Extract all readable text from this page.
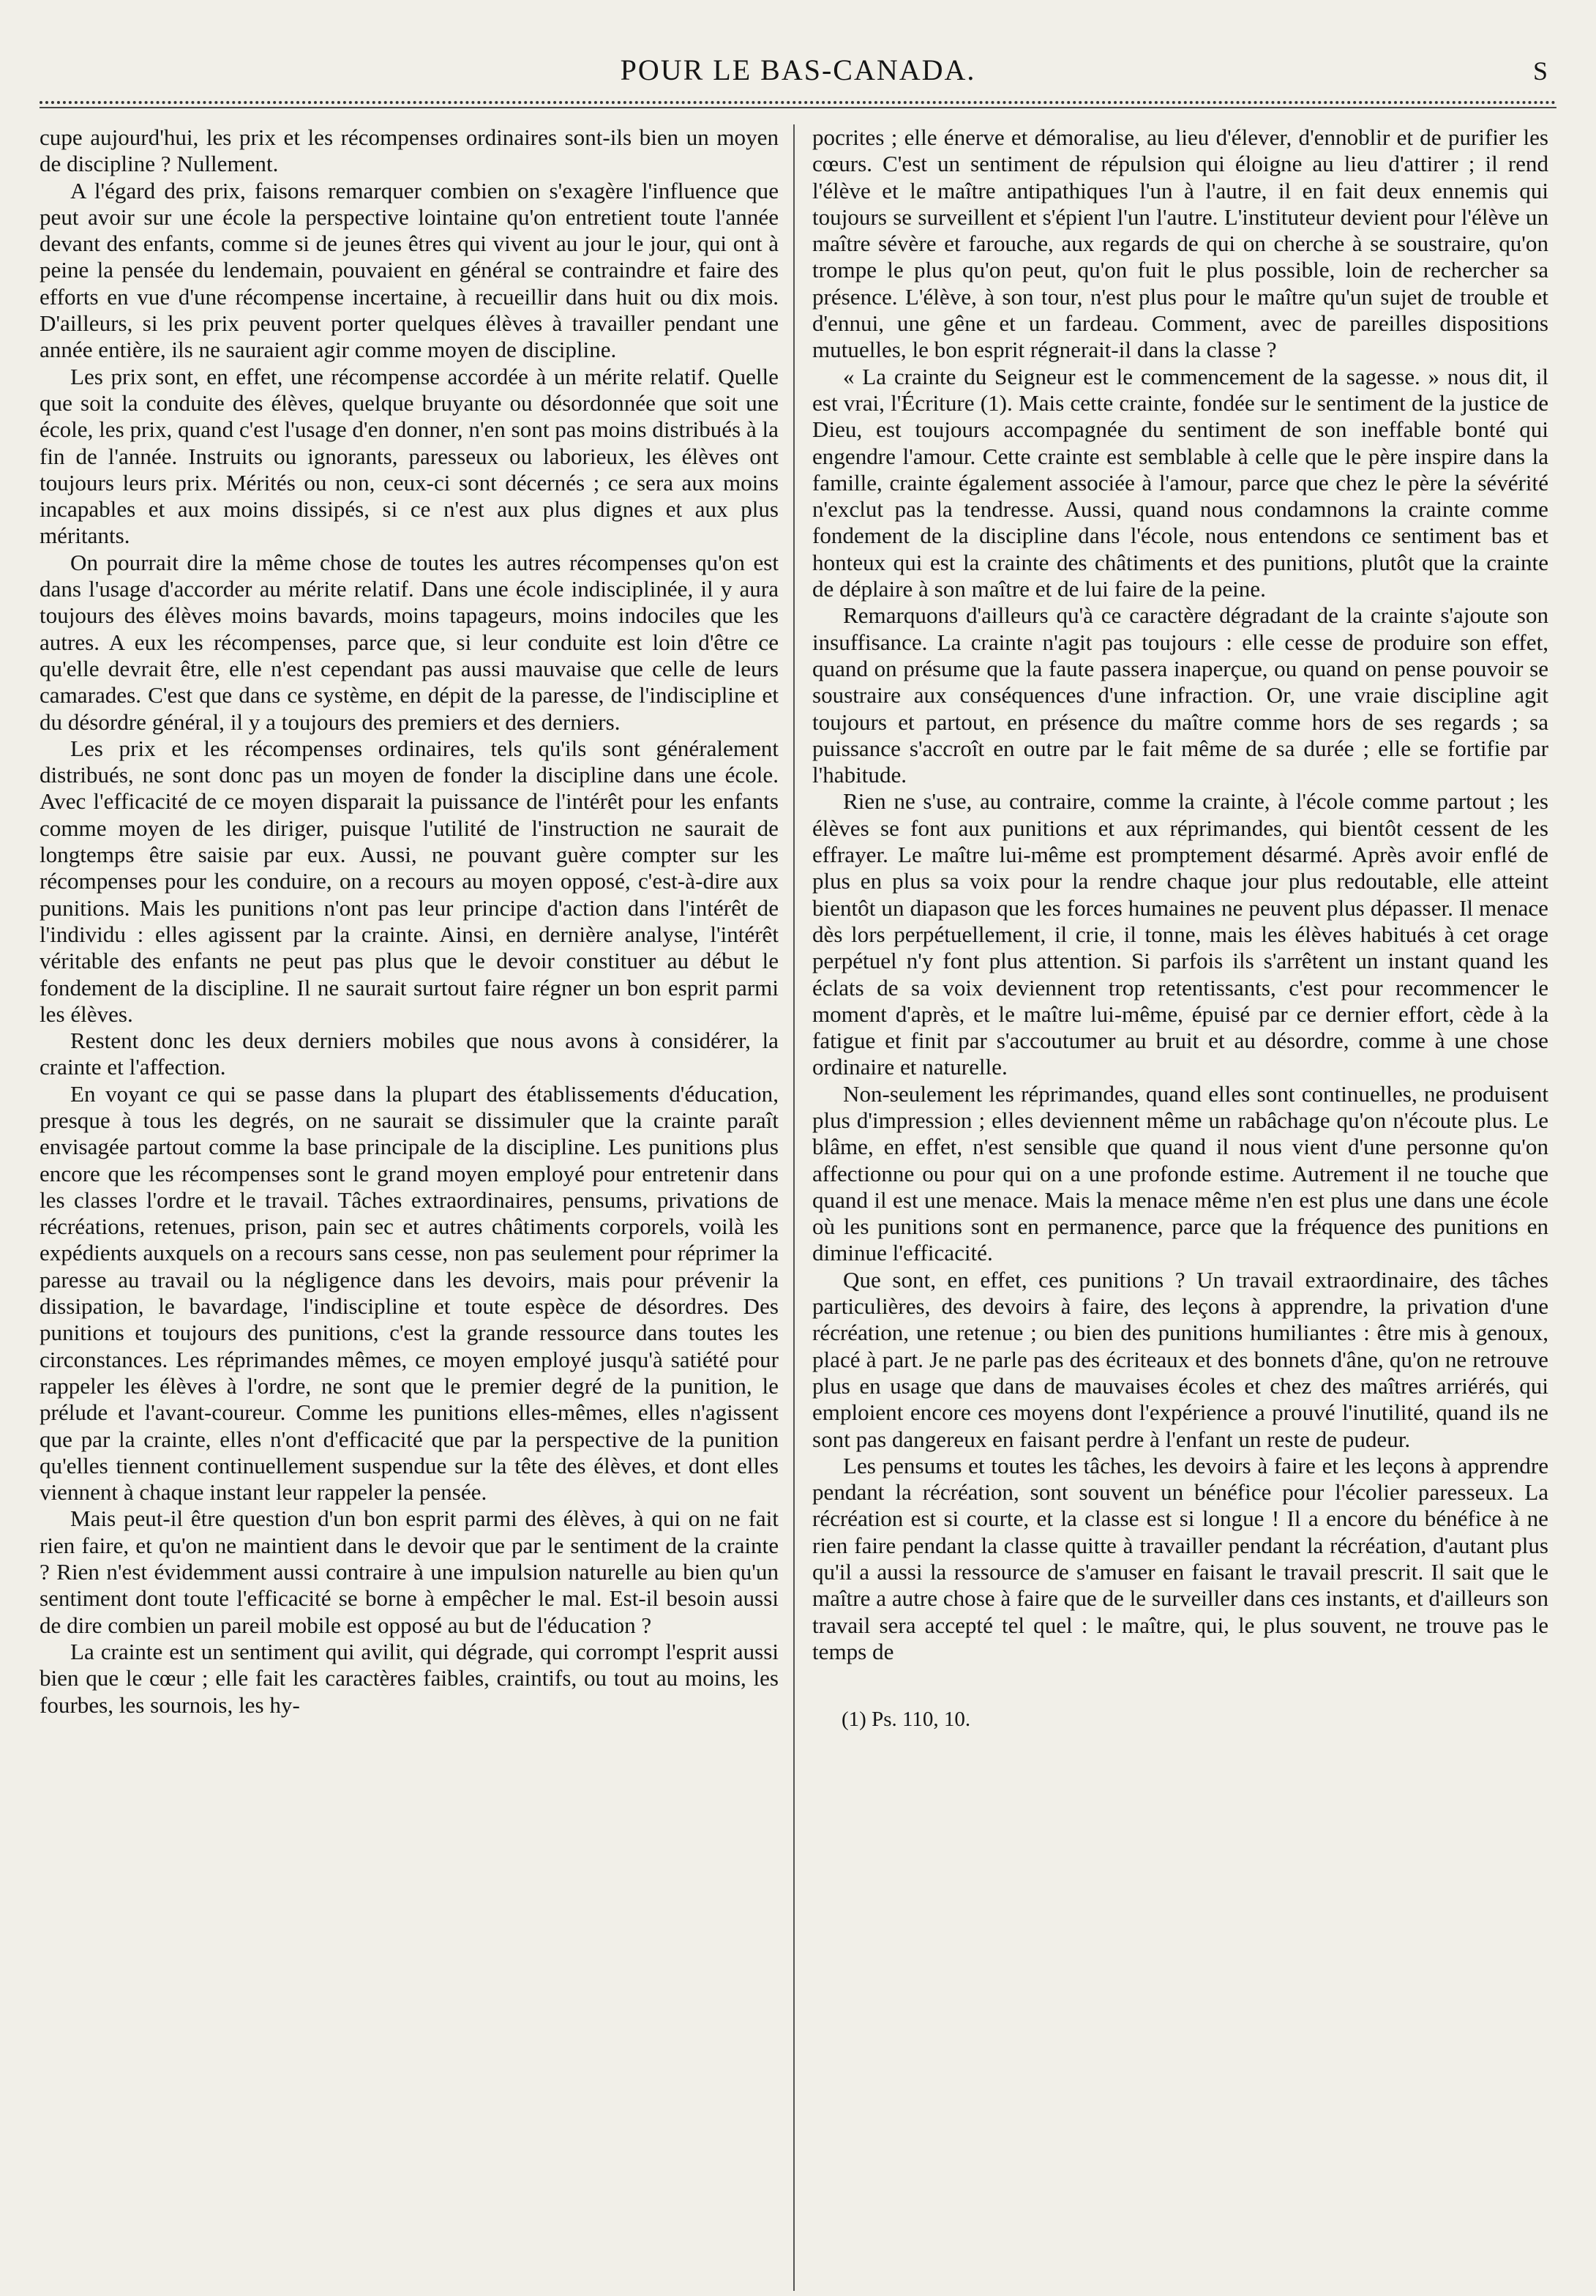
POUR LE BAS-CANADA.	S

cupe aujourd'hui, les prix et les récompenses ordinaires sont-ils bien un moyen de discipline ? Nullement.

A l'égard des prix, faisons remarquer combien on s'exagère l'influence que peut avoir sur une école la perspective lointaine qu'on entretient toute l'année devant des enfants, comme si de jeunes êtres qui vivent au jour le jour, qui ont à peine la pensée du lendemain, pouvaient en général se contraindre et faire des efforts en vue d'une récompense incertaine, à recueillir dans huit ou dix mois. D'ailleurs, si les prix peuvent porter quelques élèves à travailler pendant une année entière, ils ne sauraient agir comme moyen de discipline.

Les prix sont, en effet, une récompense accordée à un mérite relatif. Quelle que soit la conduite des élèves, quelque bruyante ou désordonnée que soit une école, les prix, quand c'est l'usage d'en donner, n'en sont pas moins distribués à la fin de l'année. Instruits ou ignorants, paresseux ou laborieux, les élèves ont toujours leurs prix. Mérités ou non, ceux-ci sont décernés ; ce sera aux moins incapables et aux moins dissipés, si ce n'est aux plus dignes et aux plus méritants.

On pourrait dire la même chose de toutes les autres récompenses qu'on est dans l'usage d'accorder au mérite relatif. Dans une école indisciplinée, il y aura toujours des élèves moins bavards, moins tapageurs, moins indociles que les autres. A eux les récompenses, parce que, si leur conduite est loin d'être ce qu'elle devrait être, elle n'est cependant pas aussi mauvaise que celle de leurs camarades. C'est que dans ce système, en dépit de la paresse, de l'indiscipline et du désordre général, il y a toujours des premiers et des derniers.

Les prix et les récompenses ordinaires, tels qu'ils sont généralement distribués, ne sont donc pas un moyen de fonder la discipline dans une école. Avec l'efficacité de ce moyen disparait la puissance de l'intérêt pour les enfants comme moyen de les diriger, puisque l'utilité de l'instruction ne saurait de longtemps être saisie par eux. Aussi, ne pouvant guère compter sur les récompenses pour les conduire, on a recours au moyen opposé, c'est-à-dire aux punitions. Mais les punitions n'ont pas leur principe d'action dans l'intérêt de l'individu : elles agissent par la crainte. Ainsi, en dernière analyse, l'intérêt véritable des enfants ne peut pas plus que le devoir constituer au début le fondement de la discipline. Il ne saurait surtout faire régner un bon esprit parmi les élèves.

Restent donc les deux derniers mobiles que nous avons à considérer, la crainte et l'affection.

En voyant ce qui se passe dans la plupart des établissements d'éducation, presque à tous les degrés, on ne saurait se dissimuler que la crainte paraît envisagée partout comme la base principale de la discipline. Les punitions plus encore que les récompenses sont le grand moyen employé pour entretenir dans les classes l'ordre et le travail. Tâches extraordinaires, pensums, privations de récréations, retenues, prison, pain sec et autres châtiments corporels, voilà les expédients auxquels on a recours sans cesse, non pas seulement pour réprimer la paresse au travail ou la négligence dans les devoirs, mais pour prévenir la dissipation, le bavardage, l'indiscipline et toute espèce de désordres. Des punitions et toujours des punitions, c'est la grande ressource dans toutes les circonstances. Les réprimandes mêmes, ce moyen employé jusqu'à satiété pour rappeler les élèves à l'ordre, ne sont que le premier degré de la punition, le prélude et l'avant-coureur. Comme les punitions elles-mêmes, elles n'agissent que par la crainte, elles n'ont d'efficacité que par la perspective de la punition qu'elles tiennent continuellement suspendue sur la tête des élèves, et dont elles viennent à chaque instant leur rappeler la pensée.

Mais peut-il être question d'un bon esprit parmi des élèves, à qui on ne fait rien faire, et qu'on ne maintient dans le devoir que par le sentiment de la crainte ? Rien n'est évidemment aussi contraire à une impulsion naturelle au bien qu'un sentiment dont toute l'efficacité se borne à empêcher le mal. Est-il besoin aussi de dire combien un pareil mobile est opposé au but de l'éducation ?

La crainte est un sentiment qui avilit, qui dégrade, qui corrompt l'esprit aussi bien que le cœur ; elle fait les caractères faibles, craintifs, ou tout au moins, les fourbes, les sournois, les hy-

pocrites ; elle énerve et démoralise, au lieu d'élever, d'ennoblir et de purifier les cœurs. C'est un sentiment de répulsion qui éloigne au lieu d'attirer ; il rend l'élève et le maître antipathiques l'un à l'autre, il en fait deux ennemis qui toujours se surveillent et s'épient l'un l'autre. L'instituteur devient pour l'élève un maître sévère et farouche, aux regards de qui on cherche à se soustraire, qu'on trompe le plus qu'on peut, qu'on fuit le plus possible, loin de rechercher sa présence. L'élève, à son tour, n'est plus pour le maître qu'un sujet de trouble et d'ennui, une gêne et un fardeau. Comment, avec de pareilles dispositions mutuelles, le bon esprit régnerait-il dans la classe ?

« La crainte du Seigneur est le commencement de la sagesse. » nous dit, il est vrai, l'Écriture (1). Mais cette crainte, fondée sur le sentiment de la justice de Dieu, est toujours accompagnée du sentiment de son ineffable bonté qui engendre l'amour. Cette crainte est semblable à celle que le père inspire dans la famille, crainte également associée à l'amour, parce que chez le père la sévérité n'exclut pas la tendresse. Aussi, quand nous condamnons la crainte comme fondement de la discipline dans l'école, nous entendons ce sentiment bas et honteux qui est la crainte des châtiments et des punitions, plutôt que la crainte de déplaire à son maître et de lui faire de la peine.

Remarquons d'ailleurs qu'à ce caractère dégradant de la crainte s'ajoute son insuffisance. La crainte n'agit pas toujours : elle cesse de produire son effet, quand on présume que la faute passera inaperçue, ou quand on pense pouvoir se soustraire aux conséquences d'une infraction. Or, une vraie discipline agit toujours et partout, en présence du maître comme hors de ses regards ; sa puissance s'accroît en outre par le fait même de sa durée ; elle se fortifie par l'habitude.

Rien ne s'use, au contraire, comme la crainte, à l'école comme partout ; les élèves se font aux punitions et aux réprimandes, qui bientôt cessent de les effrayer. Le maître lui-même est promptement désarmé. Après avoir enflé de plus en plus sa voix pour la rendre chaque jour plus redoutable, elle atteint bientôt un diapason que les forces humaines ne peuvent plus dépasser. Il menace dès lors perpétuellement, il crie, il tonne, mais les élèves habitués à cet orage perpétuel n'y font plus attention. Si parfois ils s'arrêtent un instant quand les éclats de sa voix deviennent trop retentissants, c'est pour recommencer le moment d'après, et le maître lui-même, épuisé par ce dernier effort, cède à la fatigue et finit par s'accoutumer au bruit et au désordre, comme à une chose ordinaire et naturelle.

Non-seulement les réprimandes, quand elles sont continuelles, ne produisent plus d'impression ; elles deviennent même un rabâchage qu'on n'écoute plus. Le blâme, en effet, n'est sensible que quand il nous vient d'une personne qu'on affectionne ou pour qui on a une profonde estime. Autrement il ne touche que quand il est une menace. Mais la menace même n'en est plus une dans une école où les punitions sont en permanence, parce que la fréquence des punitions en diminue l'efficacité.

Que sont, en effet, ces punitions ? Un travail extraordinaire, des tâches particulières, des devoirs à faire, des leçons à apprendre, la privation d'une récréation, une retenue ; ou bien des punitions humiliantes : être mis à genoux, placé à part. Je ne parle pas des écriteaux et des bonnets d'âne, qu'on ne retrouve plus en usage que dans de mauvaises écoles et chez des maîtres arriérés, qui emploient encore ces moyens dont l'expérience a prouvé l'inutilité, quand ils ne sont pas dangereux en faisant perdre à l'enfant un reste de pudeur.

Les pensums et toutes les tâches, les devoirs à faire et les leçons à apprendre pendant la récréation, sont souvent un bénéfice pour l'écolier paresseux. La récréation est si courte, et la classe est si longue ! Il a encore du bénéfice à ne rien faire pendant la classe quitte à travailler pendant la récréation, d'autant plus qu'il a aussi la ressource de s'amuser en faisant le travail prescrit. Il sait que le maître a autre chose à faire que de le surveiller dans ces instants, et d'ailleurs son travail sera accepté tel quel : le maître, qui, le plus souvent, ne trouve pas le temps de

(1) Ps. 110, 10.
